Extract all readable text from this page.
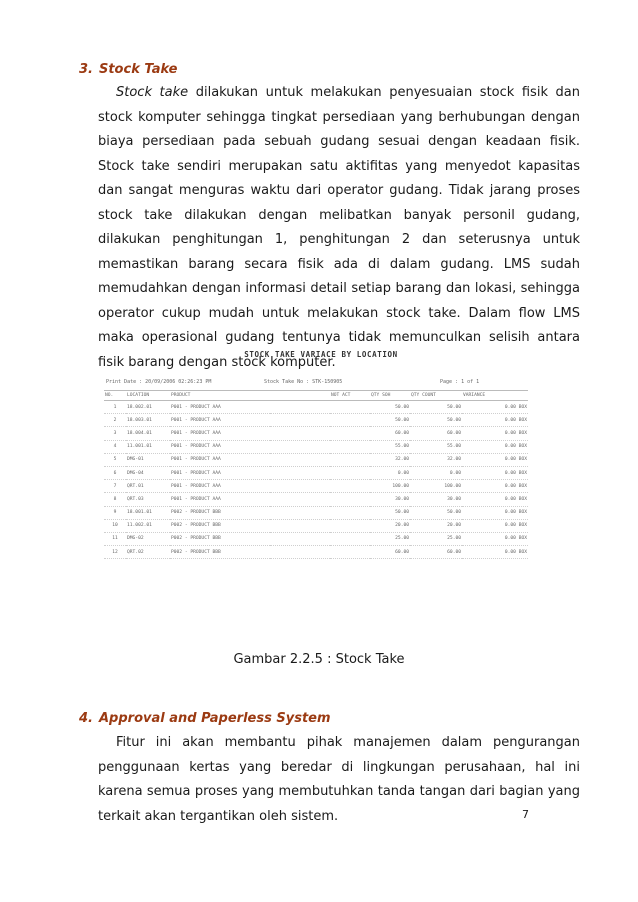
3. Stock Take
Stock take dilakukan untuk melakukan penyesuaian stock fisik dan stock komputer sehingga tingkat persediaan yang berhubungan dengan biaya persediaan pada sebuah gudang sesuai dengan keadaan fisik. Stock take sendiri merupakan satu aktifitas yang menyedot kapasitas dan sangat menguras waktu dari operator gudang. Tidak jarang proses stock take dilakukan dengan melibatkan banyak personil gudang, dilakukan penghitungan 1, penghitungan 2 dan seterusnya untuk memastikan barang secara fisik ada di dalam gudang. LMS sudah memudahkan dengan informasi detail setiap barang dan lokasi, sehingga operator cukup mudah untuk melakukan stock take. Dalam flow LMS maka operasional gudang tentunya tidak memunculkan selisih antara fisik barang dengan stock komputer.
STOCK TAKE VARIACE BY LOCATION
Print Date : 20/09/2006 02:26:23 PM	Stock Take No : STK-150905	Page : 1 of 1
NO.	LOCATION	PRODUCT		NOT ACT	QTY SOH	QTY COUNT	VARIANCE
1	18.002.01	P001 - PRODUCT AAA			50.00	50.00	0.00 BOX
2	18.003.01	P001 - PRODUCT AAA			50.00	50.00	0.00 BOX
3	18.004.01	P001 - PRODUCT AAA			60.00	60.00	0.00 BOX
4	11.001.01	P001 - PRODUCT AAA			55.00	55.00	0.00 BOX
5	DMG-01	P001 - PRODUCT AAA			32.00	32.00	0.00 BOX
6	DMG-04	P001 - PRODUCT AAA			0.00	0.00	0.00 BOX
7	QRT.01	P001 - PRODUCT AAA			100.00	100.00	0.00 BOX
8	QRT.03	P001 - PRODUCT AAA			30.00	30.00	0.00 BOX
9	18.001.01	P002 - PRODUCT BBB			50.00	50.00	0.00 BOX
10	11.002.01	P002 - PRODUCT BBB			20.00	20.00	0.00 BOX
11	DMG-02	P002 - PRODUCT BBB			25.00	25.00	0.00 BOX
12	QRT.02	P002 - PRODUCT BBB			60.00	60.00	0.00 BOX
Gambar 2.2.5 : Stock Take
4. Approval and Paperless System
Fitur ini akan membantu pihak manajemen dalam pengurangan penggunaan kertas yang beredar di lingkungan perusahaan, hal ini karena semua proses yang membutuhkan tanda tangan dari bagian yang terkait akan tergantikan oleh sistem.	7
